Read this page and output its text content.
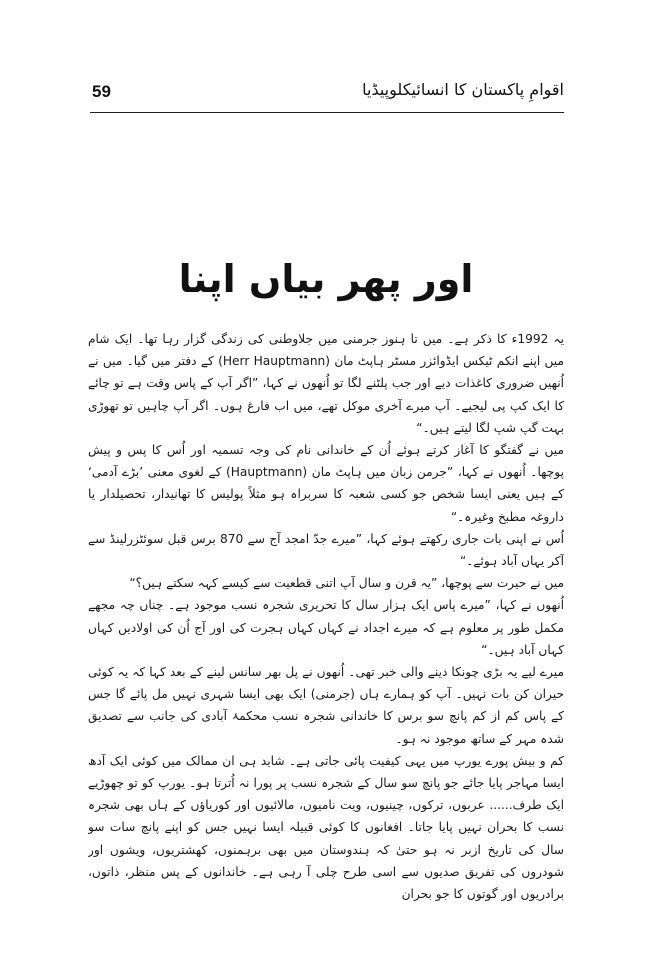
59	اقوامِ پاکستان کا انسائیکلوپیڈیا
اور پھر بیاں اپنا

یہ 1992ء کا ذکر ہے۔ میں تا ہنوز جرمنی میں جلاوطنی کی زندگی گزار رہا تھا۔ ایک شام میں اپنے انکم ٹیکس ایڈوائزر مسٹر ہاپٹ مان (Herr Hauptmann) کے دفتر میں گیا۔ میں نے اُنھیں ضروری کاغذات دیے اور جب پلٹنے لگا تو اُنھوں نے کہا، ”اگر آپ کے پاس وقت ہے تو چائے کا ایک کپ پی لیجیے۔ آپ میرے آخری موکل تھے، میں اب فارغ ہوں۔ اگر آپ چاہیں تو تھوڑی بہت گپ شپ لگا لیتے ہیں۔“

میں نے گفتگو کا آغاز کرتے ہوئے اُن کے خاندانی نام کی وجہ تسمیہ اور اُس کا پس و پیش پوچھا۔ اُنھوں نے کہا، ”جرمن زبان میں ہاپٹ مان (Hauptmann) کے لغوی معنی ’بڑے آدمی‘ کے ہیں یعنی ایسا شخص جو کسی شعبہ کا سربراہ ہو مثلاً پولیس کا تھانیدار، تحصیلدار یا داروغہ مطبخ وغیرہ۔“

اُس نے اپنی بات جاری رکھتے ہوئے کہا، ”میرے جدّ امجد آج سے 870 برس قبل سوئٹزرلینڈ سے آکر یہاں آباد ہوئے۔“

میں نے حیرت سے پوچھا، ”یہ قرن و سال آپ اتنی قطعیت سے کیسے کہہ سکتے ہیں؟“

اُنھوں نے کہا، ”میرے پاس ایک ہزار سال کا تحریری شجرہ نسب موجود ہے۔ چناں چہ مجھے مکمل طور پر معلوم ہے کہ میرے اجداد نے کہاں کہاں ہجرت کی اور آج اُن کی اولادیں کہاں کہاں آباد ہیں۔“

میرے لیے یہ بڑی چونکا دینے والی خبر تھی۔ اُنھوں نے پل بھر سانس لینے کے بعد کہا کہ یہ کوئی حیران کن بات نہیں۔ آپ کو ہمارے ہاں (جرمنی) ایک بھی ایسا شہری نہیں مل پائے گا جس کے پاس کم از کم پانچ سو برس کا خاندانی شجرہ نسب محکمۂ آبادی کی جانب سے تصدیق شدہ مہر کے ساتھ موجود نہ ہو۔

کم و بیش پورے یورپ میں یہی کیفیت پائی جاتی ہے۔ شاید ہی ان ممالک میں کوئی ایک آدھ ایسا مہاجر پایا جائے جو پانچ سو سال کے شجرہ نسب پر پورا نہ اُترتا ہو۔ یورپ کو تو چھوڑیے ایک طرف...... عربوں، ترکوں، چینیوں، ویت نامیوں، مالائیوں اور کوریاؤں کے ہاں بھی شجرہ نسب کا بحران نہیں پایا جاتا۔ افغانوں کا کوئی قبیلہ ایسا نہیں جس کو اپنے پانچ سات سو سال کی تاریخ ازبر نہ ہو حتیٰ کہ ہندوستان میں بھی برہمنوں، کھشتریوں، ویشوں اور شودروں کی تفریق صدیوں سے اسی طرح چلی آ رہی ہے۔ خاندانوں کے پس منظر، ذاتوں، برادریوں اور گوتوں کا جو بحران
